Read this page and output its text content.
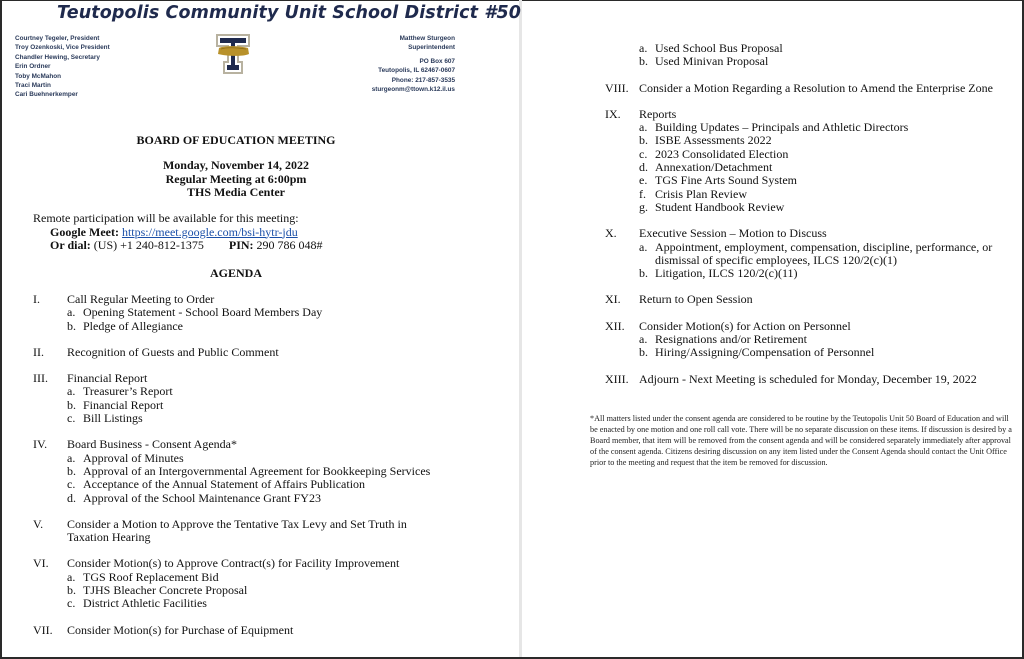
Teutopolis Community Unit School District #50
Courtney Tegeler, President
Troy Ozenkoski, Vice President
Chandler Hewing, Secretary
Erin Ordner
Toby McMahon
Traci Martin
Cari Buehnerkemper
Matthew Sturgeon
Superintendent
PO Box 607
Teutopolis, IL 62467-0607
Phone: 217-857-3535
sturgeonm@ttown.k12.il.us
BOARD OF EDUCATION MEETING
Monday, November 14, 2022
Regular Meeting at 6:00pm
THS Media Center
Remote participation will be available for this meeting:
Google Meet: https://meet.google.com/bsi-hytr-jdu
Or dial: (US) +1 240-812-1375 PIN: 290 786 048#
AGENDA
I.	Call Regular Meeting to Order
a. Opening Statement - School Board Members Day
b. Pledge of Allegiance
II.	Recognition of Guests and Public Comment
III.	Financial Report
a. Treasurer’s Report
b. Financial Report
c. Bill Listings
IV.	Board Business - Consent Agenda*
a. Approval of Minutes
b. Approval of an Intergovernmental Agreement for Bookkeeping Services
c. Acceptance of the Annual Statement of Affairs Publication
d. Approval of the School Maintenance Grant FY23
V.	Consider a Motion to Approve the Tentative Tax Levy and Set Truth in Taxation Hearing
VI.	Consider Motion(s) to Approve Contract(s) for Facility Improvement
a. TGS Roof Replacement Bid
b. TJHS Bleacher Concrete Proposal
c. District Athletic Facilities
VII.	Consider Motion(s) for Purchase of Equipment
a. Used School Bus Proposal
b. Used Minivan Proposal
VIII. Consider a Motion Regarding a Resolution to Amend the Enterprise Zone
IX.	Reports
a. Building Updates – Principals and Athletic Directors
b. ISBE Assessments 2022
c. 2023 Consolidated Election
d. Annexation/Detachment
e. TGS Fine Arts Sound System
f. Crisis Plan Review
g. Student Handbook Review
X.	Executive Session – Motion to Discuss
a. Appointment, employment, compensation, discipline, performance, or dismissal of specific employees, ILCS 120/2(c)(1)
b. Litigation, ILCS 120/2(c)(11)
XI.	Return to Open Session
XII.	Consider Motion(s) for Action on Personnel
a. Resignations and/or Retirement
b. Hiring/Assigning/Compensation of Personnel
XIII. Adjourn - Next Meeting is scheduled for Monday, December 19, 2022
*All matters listed under the consent agenda are considered to be routine by the Teutopolis Unit 50 Board of Education and will be enacted by one motion and one roll call vote. There will be no separate discussion on these items. If discussion is desired by a Board member, that item will be removed from the consent agenda and will be considered separately immediately after approval of the consent agenda. Citizens desiring discussion on any item listed under the Consent Agenda should contact the Unit Office prior to the meeting and request that the item be removed for discussion.
